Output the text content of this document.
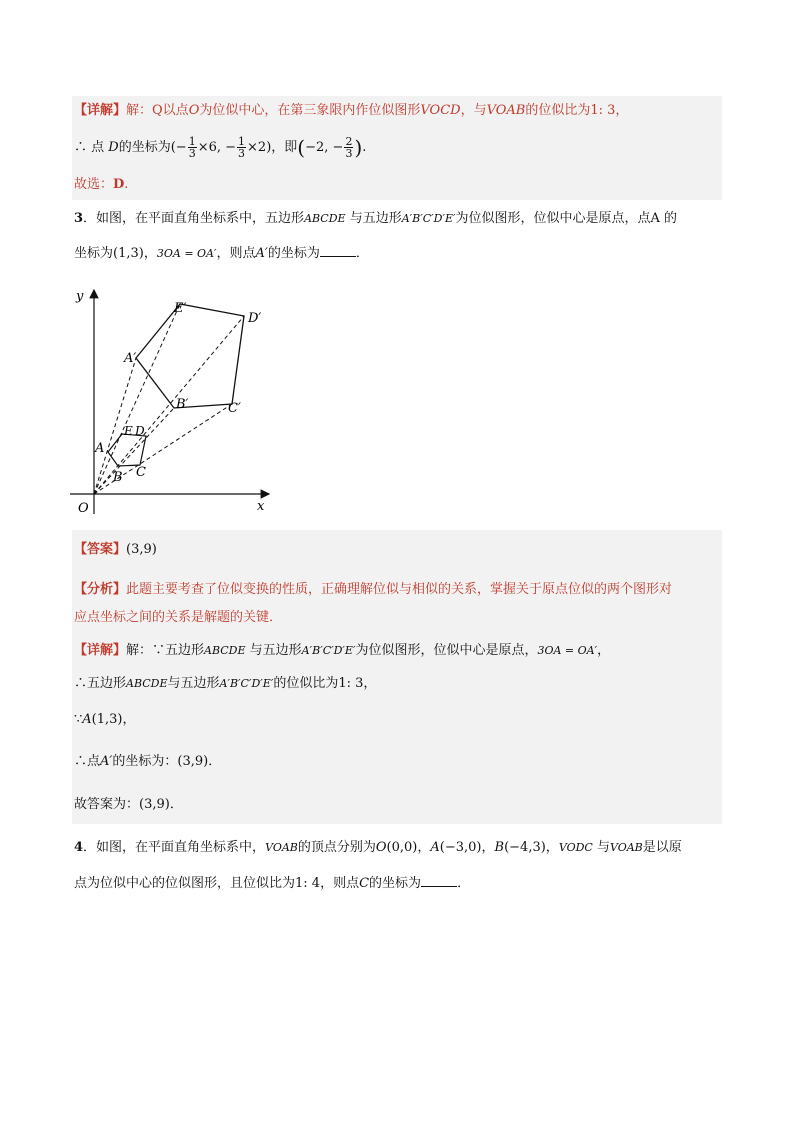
【详解】解：Q以点O为位似中心，在第三象限内作位似图形VOCD，与VOAB的位似比为1: 3，
∴ 点 D的坐标为(− $\frac{1}{3} \times 6$, − $\frac{1}{3} \times 2$)，即(−2, − $\frac{2}{3}$ ).
故选：D.
3．如图，在平面直角坐标系中，五边形ABCDE 与五边形A′B′C′D′E′为位似图形，位似中心是原点，点A 的
坐标为(1,3)，3OA = OA′，则点A′的坐标为	．
y
x
O
E′
D′
A′
B′	C′
A
E D
B C
【答案】(3,9)
【分析】此题主要考查了位似变换的性质，正确理解位似与相似的关系，掌握关于原点位似的两个图形对
应点坐标之间的关系是解题的关键．
【详解】解：∵五边形ABCDE 与五边形A′B′C′D′E′为位似图形，位似中心是原点，3OA = OA′，
∴五边形ABCDE与五边形A′B′C′D′E′的位似比为1: 3，
∵A(1,3)，
∴点A′的坐标为：(3,9)．
故答案为：(3,9)．
4．如图，在平面直角坐标系中，VOAB的顶点分别为O(0,0)，A(−3,0)，B(−4,3)，VODC 与VOAB是以原
点为位似中心的位似图形，且位似比为1: 4，则点C的坐标为	．
